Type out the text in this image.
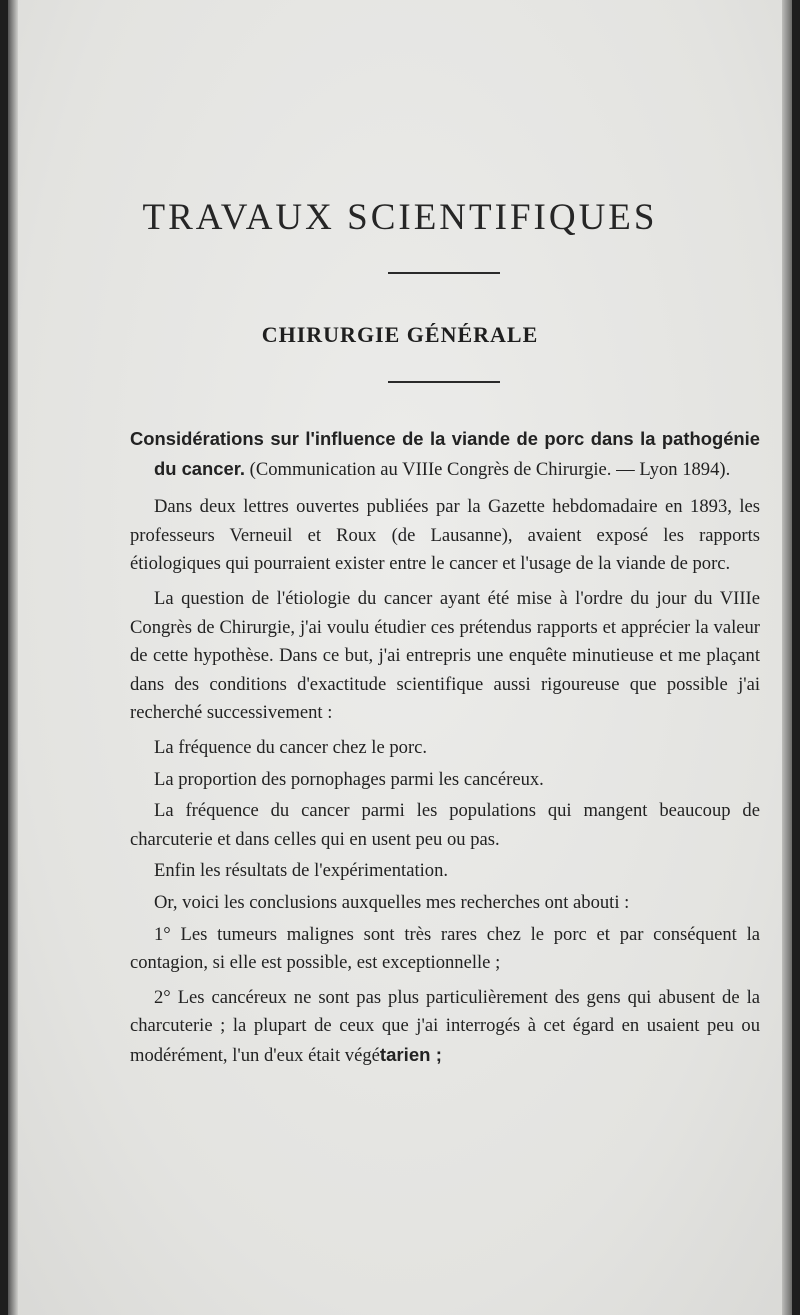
TRAVAUX SCIENTIFIQUES
CHIRURGIE GÉNÉRALE

Considérations sur l'influence de la viande de porc dans la pathogénie du cancer. (Communication au VIIIe Congrès de Chirurgie. — Lyon 1894).

Dans deux lettres ouvertes publiées par la Gazette hebdomadaire en 1893, les professeurs Verneuil et Roux (de Lausanne), avaient exposé les rapports étiologiques qui pourraient exister entre le cancer et l'usage de la viande de porc.

La question de l'étiologie du cancer ayant été mise à l'ordre du jour du VIIIe Congrès de Chirurgie, j'ai voulu étudier ces prétendus rapports et apprécier la valeur de cette hypothèse. Dans ce but, j'ai entrepris une enquête minutieuse et me plaçant dans des conditions d'exactitude scientifique aussi rigoureuse que possible j'ai recherché successivement :

La fréquence du cancer chez le porc.

La proportion des pornophages parmi les cancéreux.

La fréquence du cancer parmi les populations qui mangent beaucoup de charcuterie et dans celles qui en usent peu ou pas.

Enfin les résultats de l'expérimentation.

Or, voici les conclusions auxquelles mes recherches ont abouti :

1° Les tumeurs malignes sont très rares chez le porc et par conséquent la contagion, si elle est possible, est exceptionnelle ;

2° Les cancéreux ne sont pas plus particulièrement des gens qui abusent de la charcuterie ; la plupart de ceux que j'ai interrogés à cet égard en usaient peu ou modérément, l'un d'eux était végétarien ;
